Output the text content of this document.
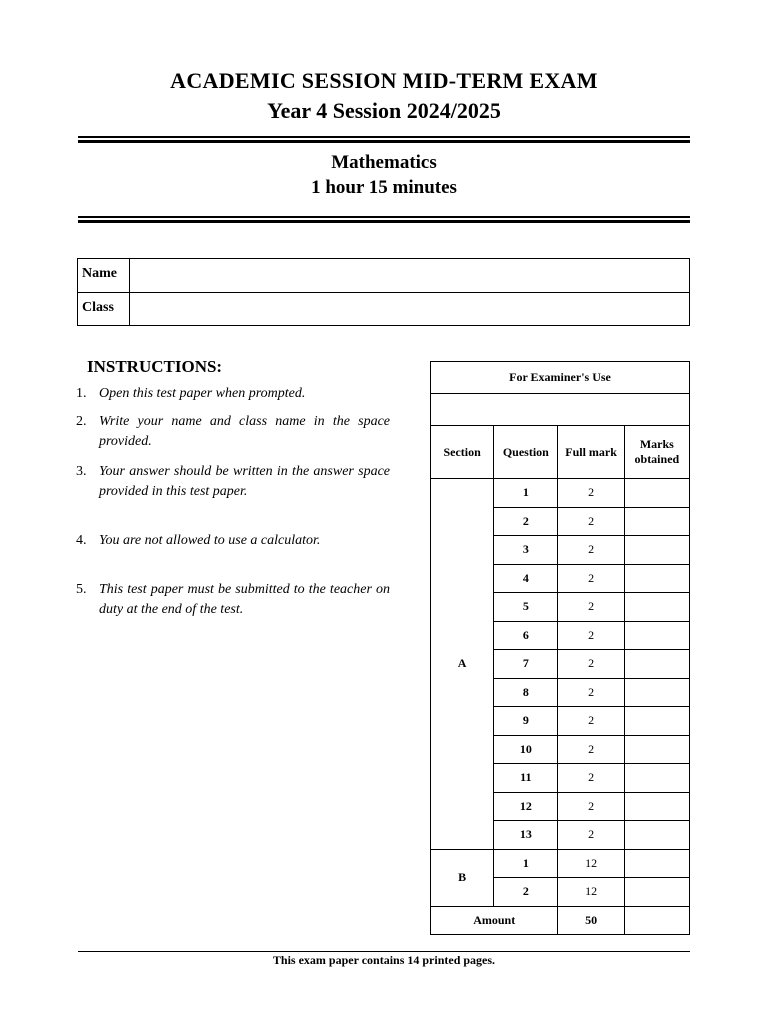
ACADEMIC SESSION MID-TERM EXAM
Year 4 Session 2024/2025
Mathematics
1 hour 15 minutes
Name
Class
INSTRUCTIONS:
1. Open this test paper when prompted.
2. Write your name and class name in the space provided.
3. Your answer should be written in the answer space provided in this test paper.
4. You are not allowed to use a calculator.
5. This test paper must be submitted to the teacher on duty at the end of the test.
For Examiner's Use			

Section	Question	Full mark	Marks obtained
A	1	2	
	2	2	
	3	2	
	4	2	
	5	2	
	6	2	
	7	2	
	8	2	
	9	2	
	10	2	
	11	2	
	12	2	
	13	2	
B	1	12	
	2	12	
Amount		50	
This exam paper contains 14 printed pages.
